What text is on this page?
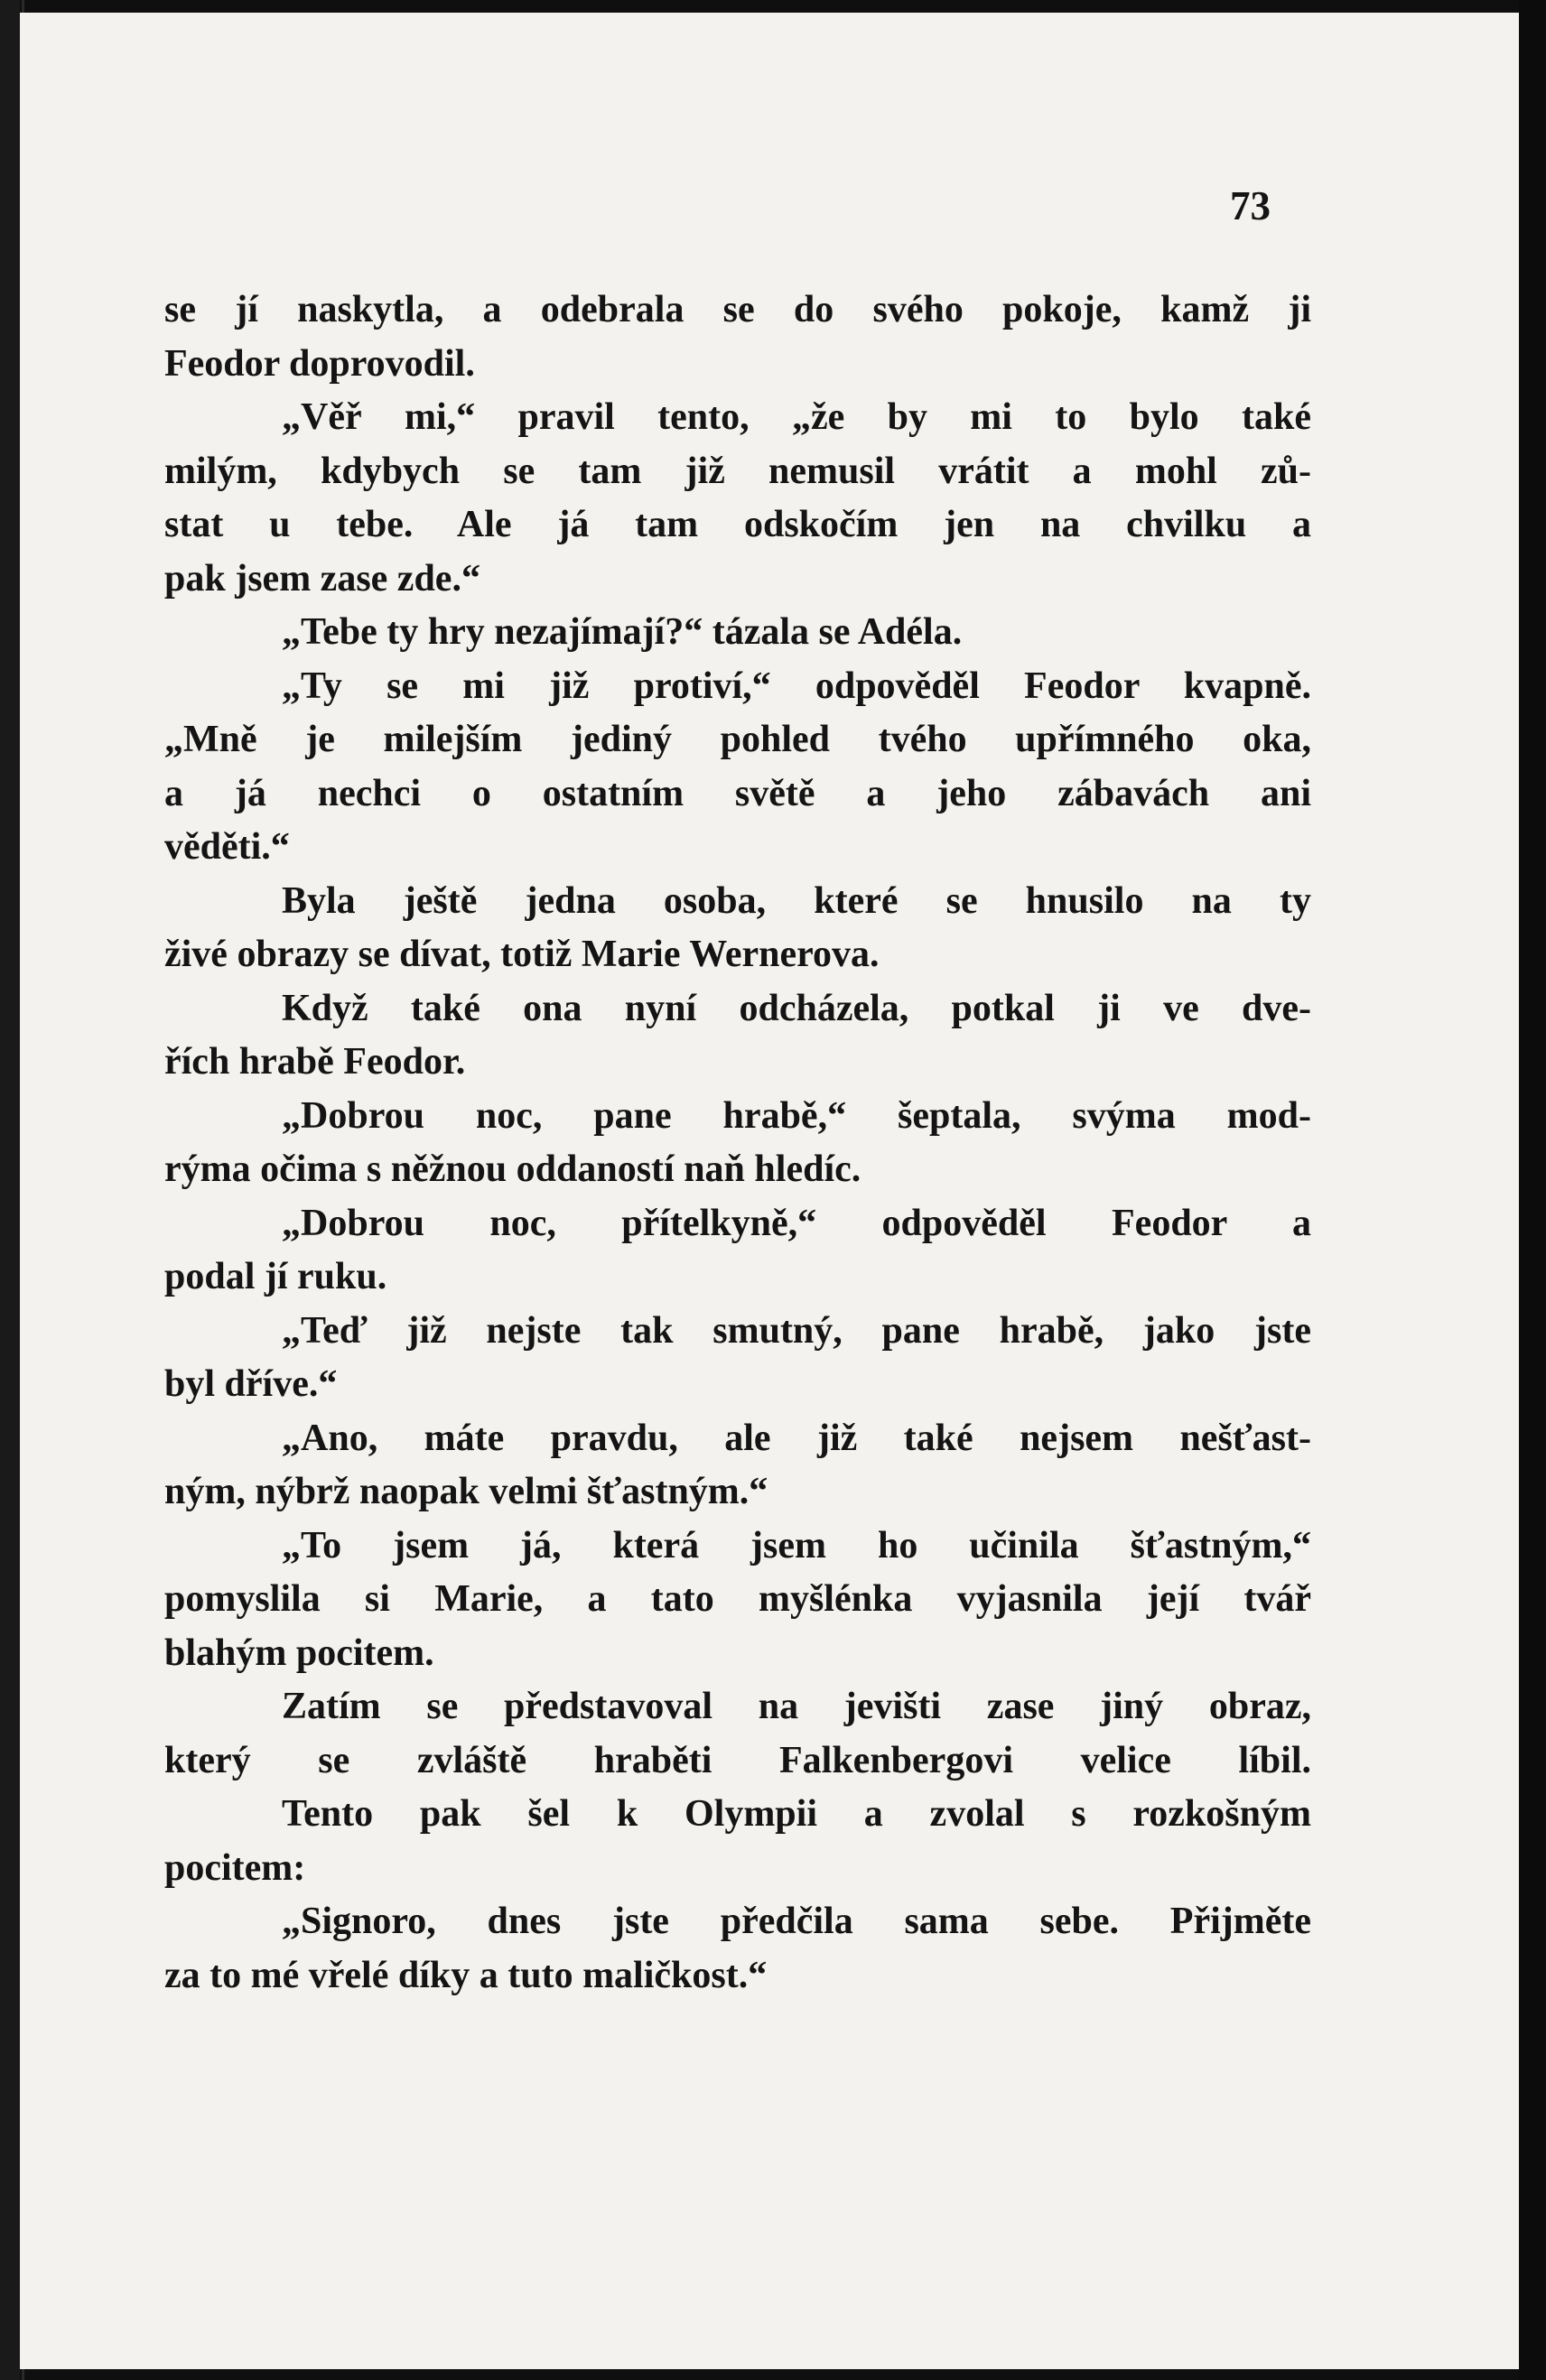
73
se jí naskytla, a odebrala se do svého pokoje, kamž ji
Feodor doprovodil.
„Věř mi,“ pravil tento, „že by mi to bylo také
milým, kdybych se tam již nemusil vrátit a mohl zů-
stat u tebe. Ale já tam odskočím jen na chvilku a
pak jsem zase zde.“
„Tebe ty hry nezajímají?“ tázala se Adéla.
„Ty se mi již protiví,“ odpověděl Feodor kvapně.
„Mně je milejším jediný pohled tvého upřímného oka,
a já nechci o ostatním světě a jeho zábavách ani
věděti.“
Byla ještě jedna osoba, které se hnusilo na ty
živé obrazy se dívat, totiž Marie Wernerova.
Když také ona nyní odcházela, potkal ji ve dve-
řích hrabě Feodor.
„Dobrou noc, pane hrabě,“ šeptala, svýma mod-
rýma očima s něžnou oddaností naň hledíc.
„Dobrou noc, přítelkyně,“ odpověděl Feodor a
podal jí ruku.
„Teď již nejste tak smutný, pane hrabě, jako jste
byl dříve.“
„Ano, máte pravdu, ale již také nejsem nešťast-
ným, nýbrž naopak velmi šťastným.“
„To jsem já, která jsem ho učinila šťastným,“
pomyslila si Marie, a tato myšlénka vyjasnila její tvář
blahým pocitem.
Zatím se představoval na jevišti zase jiný obraz,
který se zvláště hraběti Falkenbergovi velice líbil.
Tento pak šel k Olympii a zvolal s rozkošným
pocitem:
„Signoro, dnes jste předčila sama sebe. Přijměte
za to mé vřelé díky a tuto maličkost.“
